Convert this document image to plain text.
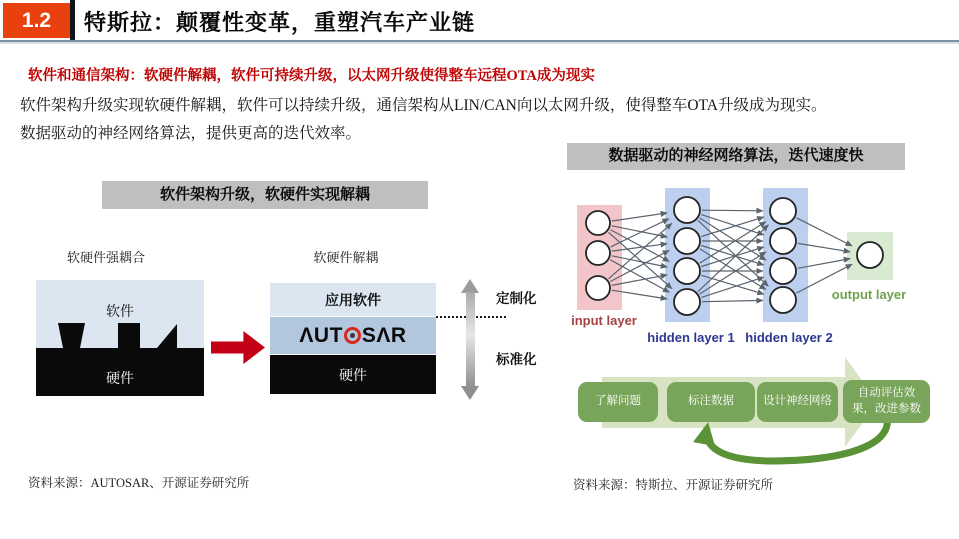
1.2	特斯拉：颠覆性变革，重塑汽车产业链
软件和通信架构：软硬件解耦，软件可持续升级，以太网升级使得整车远程OTA成为现实
软件架构升级实现软硬件解耦，软件可以持续升级，通信架构从LIN/CAN向以太网升级，使得整车OTA升级成为现实。
数据驱动的神经网络算法，提供更高的迭代效率。
软件架构升级，软硬件实现解耦
软硬件强耦合	软硬件解耦
软件
硬件
应用软件
ΛUT SΛR
硬件
定制化
标准化
资料来源：AUTOSAR、开源证券研究所
数据驱动的神经网络算法，迭代速度快
input layer
hidden layer 1 hidden layer 2
output layer
了解问题	标注数据	设计神经网络
自动评估效果，改进参数
资料来源：特斯拉、开源证券研究所
